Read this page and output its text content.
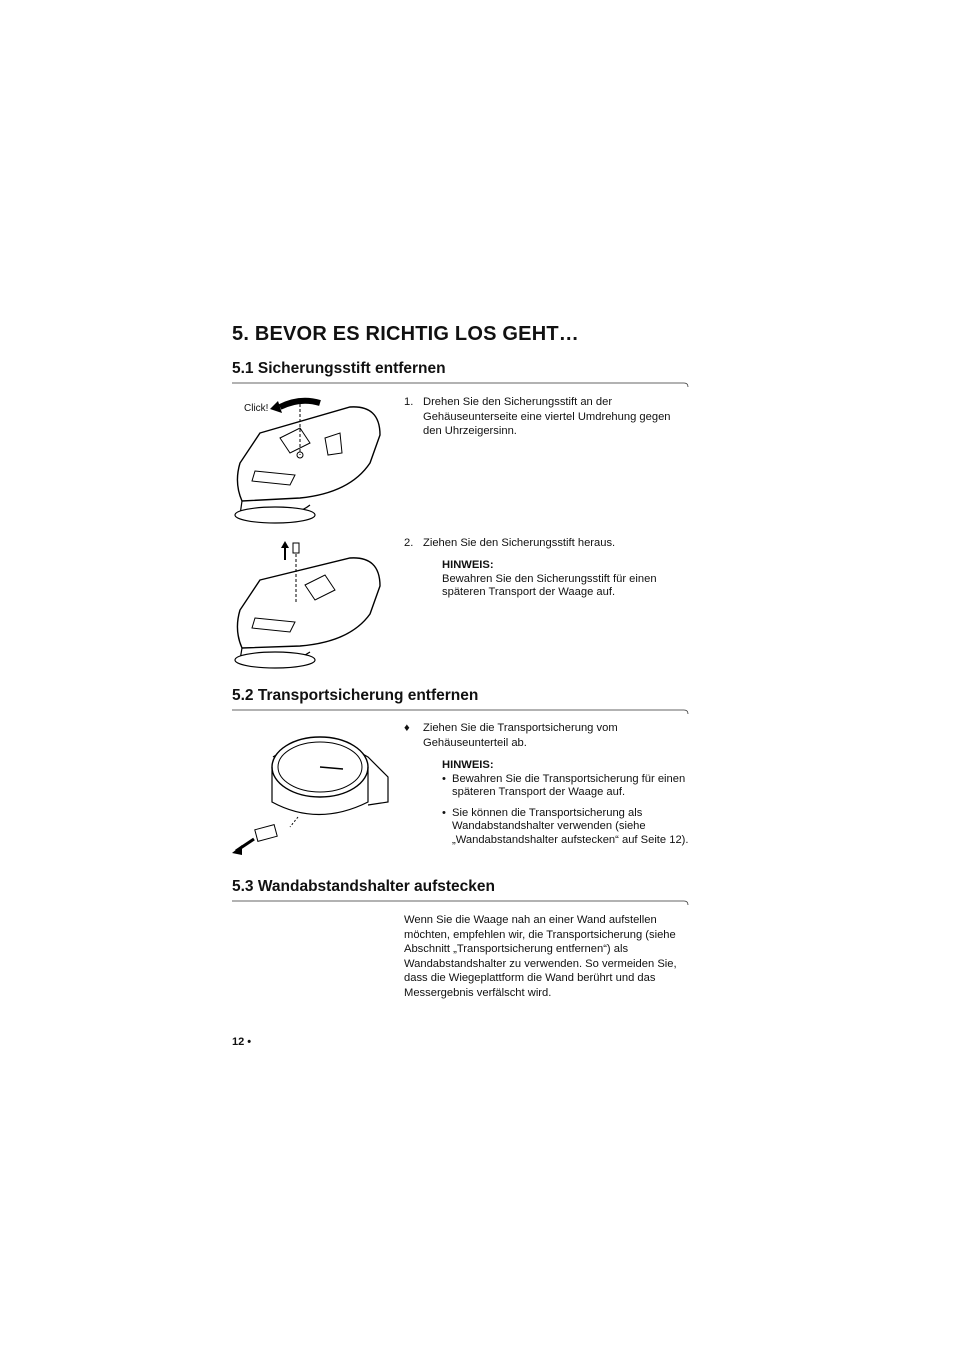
5. BEVOR ES RICHTIG LOS GEHT…
5.1 Sicherungsstift entfernen
Click!
1. Drehen Sie den Sicherungsstift an der Gehäuseunterseite eine viertel Umdrehung gegen den Uhrzeigersinn.
2. Ziehen Sie den Sicherungsstift heraus.
HINWEIS:
Bewahren Sie den Sicherungsstift für einen späteren Transport der Waage auf.
5.2 Transportsicherung entfernen
♦ Ziehen Sie die Transportsicherung vom Gehäuseunterteil ab.
HINWEIS:
• Bewahren Sie die Transportsicherung für einen späteren Transport der Waage auf.
• Sie können die Transportsicherung als Wandabstandshalter verwenden (siehe „Wandabstandshalter aufstecken“ auf Seite 12).
5.3 Wandabstandshalter aufstecken
Wenn Sie die Waage nah an einer Wand aufstellen möchten, empfehlen wir, die Transportsicherung (siehe Abschnitt „Transportsicherung entfernen“) als Wandabstandshalter zu verwenden. So vermeiden Sie, dass die Wiegeplattform die Wand berührt und das Messergebnis verfälscht wird.
12 •
